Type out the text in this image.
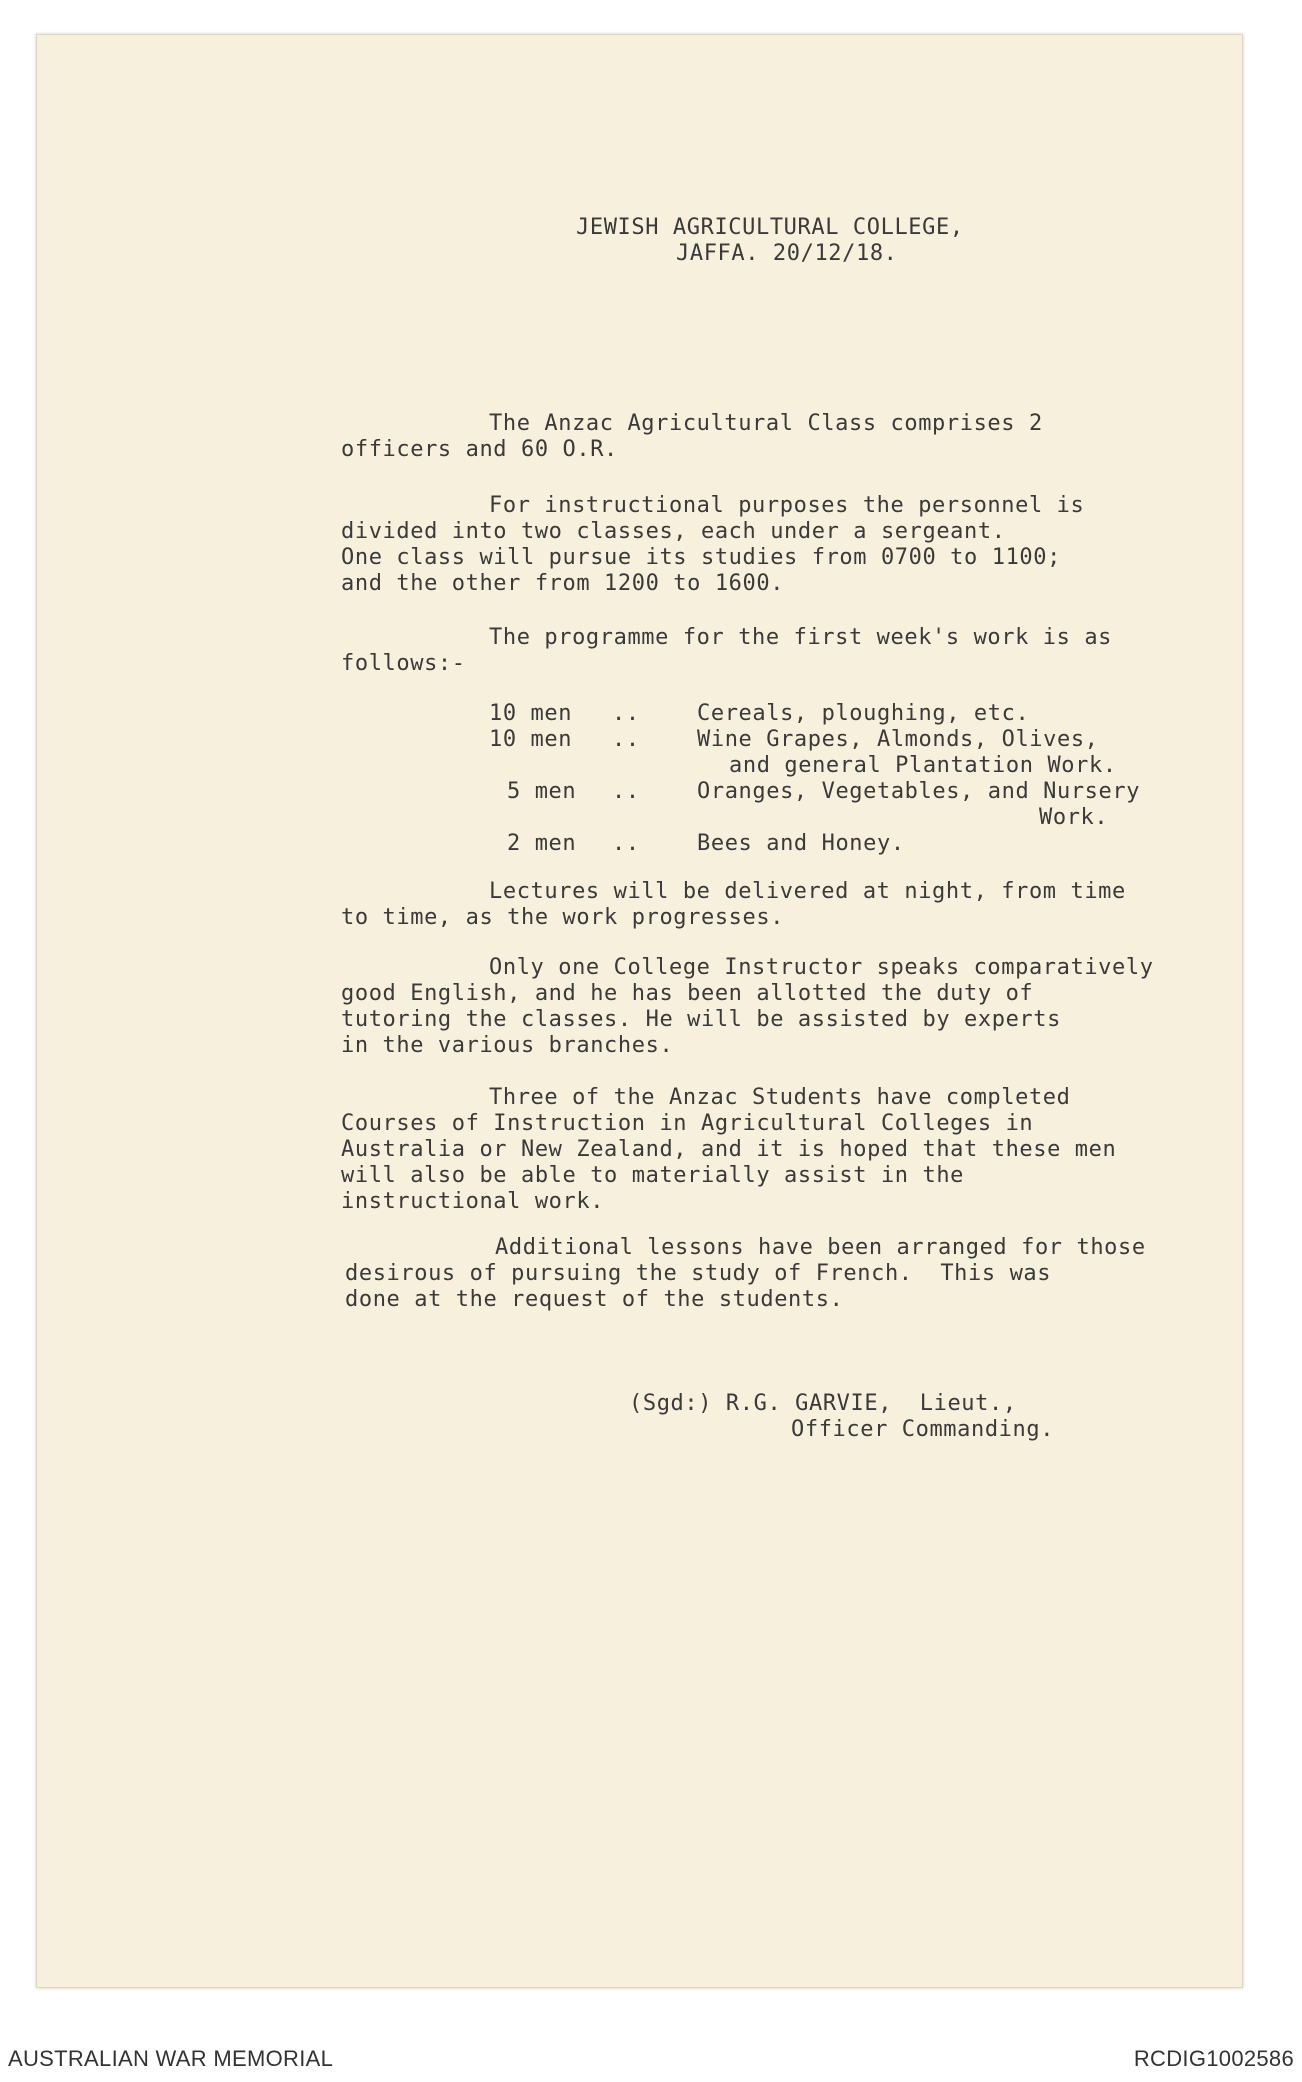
JEWISH AGRICULTURAL COLLEGE,
JAFFA. 20/12/18.
The Anzac Agricultural Class comprises 2
officers and 60 O.R.
For instructional purposes the personnel is
divided into two classes, each under a sergeant.
One class will pursue its studies from 0700 to 1100;
and the other from 1200 to 1600.
The programme for the first week's work is as
follows:-
10 men ..	Cereals, ploughing, etc.
10 men ..	Wine Grapes, Almonds, Olives,
and general Plantation Work.
5 men ..	Oranges, Vegetables, and Nursery
Work.
2 men ..	Bees and Honey.
Lectures will be delivered at night, from time
to time, as the work progresses.
Only one College Instructor speaks comparatively
good English, and he has been allotted the duty of
tutoring the classes. He will be assisted by experts
in the various branches.
Three of the Anzac Students have completed
Courses of Instruction in Agricultural Colleges in
Australia or New Zealand, and it is hoped that these men
will also be able to materially assist in the
instructional work.
Additional lessons have been arranged for those
desirous of pursuing the study of French.  This was
done at the request of the students.
(Sgd:) R.G. GARVIE,  Lieut.,
Officer Commanding.
AUSTRALIAN WAR MEMORIAL	RCDIG1002586
